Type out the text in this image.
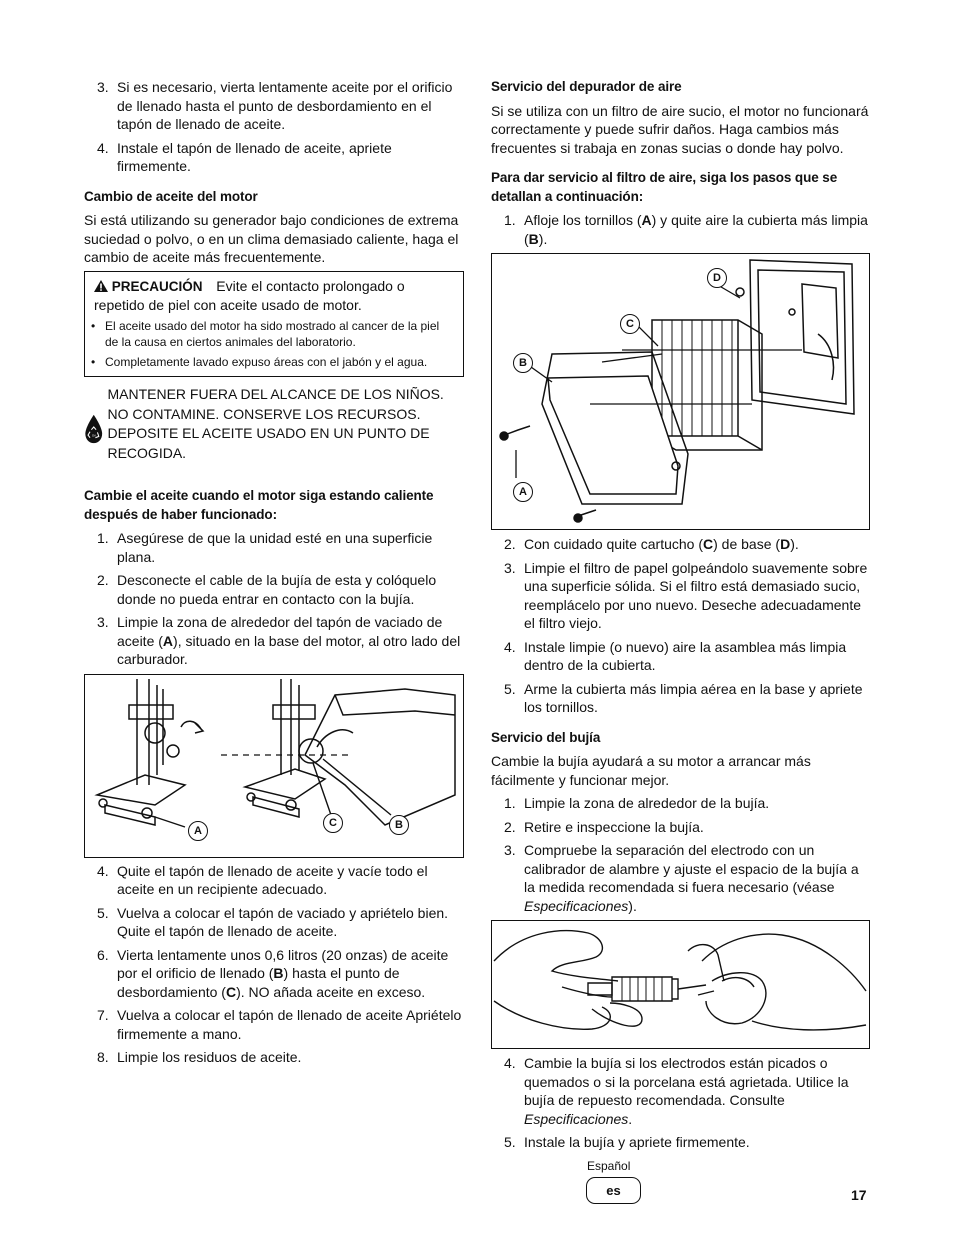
3. Si es necesario, vierta lentamente aceite por el orificio de llenado hasta el punto de desbordamiento en el tapón de llenado de aceite.
4. Instale el tapón de llenado de aceite, apriete firmemente.

Cambio de aceite del motor

Si está utilizando su generador bajo condiciones de extrema suciedad o polvo, o en un clima demasiado caliente, haga el cambio de aceite más frecuentemente.

PRECAUCIÓN Evite el contacto prolongado o repetido de piel con aceite usado de motor.
• El aceite usado del motor ha sido mostrado al cancer de la piel de la causa en ciertos animales del laboratorio.
• Completamente lavado expuso áreas con el jabón y el agua.
Oil

MANTENER FUERA DEL ALCANCE DE LOS NIÑOS. NO CONTAMINE. CONSERVE LOS RECURSOS. DEPOSITE EL ACEITE USADO EN UN PUNTO DE RECOGIDA.

Cambie el aceite cuando el motor siga estando caliente después de haber funcionado:

1. Asegúrese de que la unidad esté en una superficie plana.
2. Desconecte el cable de la bujía de esta y colóquelo donde no pueda entrar en contacto con la bujía.
3. Limpie la zona de alrededor del tapón de vaciado de aceite (A), situado en la base del motor, al otro lado del carburador.
A
C	B
4. Quite el tapón de llenado de aceite y vacíe todo el aceite en un recipiente adecuado.
5. Vuelva a colocar el tapón de vaciado y apriételo bien. Quite el tapón de llenado de aceite.
6. Vierta lentamente unos 0,6 litros (20 onzas) de aceite por el orificio de llenado (B) hasta el punto de desbordamiento (C). NO añada aceite en exceso.
7. Vuelva a colocar el tapón de llenado de aceite Apriételo firmemente a mano.
8. Limpie los residuos de aceite.

Servicio del depurador de aire

Si se utiliza con un filtro de aire sucio, el motor no funcionará correctamente y puede sufrir daños. Haga cambios más frecuentes si trabaja en zonas sucias o donde hay polvo.

Para dar servicio al filtro de aire, siga los pasos que se detallan a continuación:

1. Afloje los tornillos (A) y quite aire la cubierta más limpia (B).
D
C
B
A
2. Con cuidado quite cartucho (C) de base (D).
3. Limpie el filtro de papel golpeándolo suavemente sobre una superficie sólida. Si el filtro está demasiado sucio, reemplácelo por uno nuevo. Deseche adecuadamente el filtro viejo.
4. Instale limpie (o nuevo) aire la asamblea más limpia dentro de la cubierta.
5. Arme la cubierta más limpia aérea en la base y apriete los tornillos.

Servicio del bujía

Cambie la bujía ayudará a su motor a arrancar más fácilmente y funcionar mejor.

1. Limpie la zona de alrededor de la bujía.
2. Retire e inspeccione la bujía.
3. Compruebe la separación del electrodo con un calibrador de alambre y ajuste el espacio de la bujía a la medida recomendada si fuera necesario (véase Especificaciones).
4. Cambie la bujía si los electrodos están picados o quemados o si la porcelana está agrietada. Utilice la bujía de repuesto recomendada. Consulte Especificaciones.
5. Instale la bujía y apriete firmemente.
Español
es	17
